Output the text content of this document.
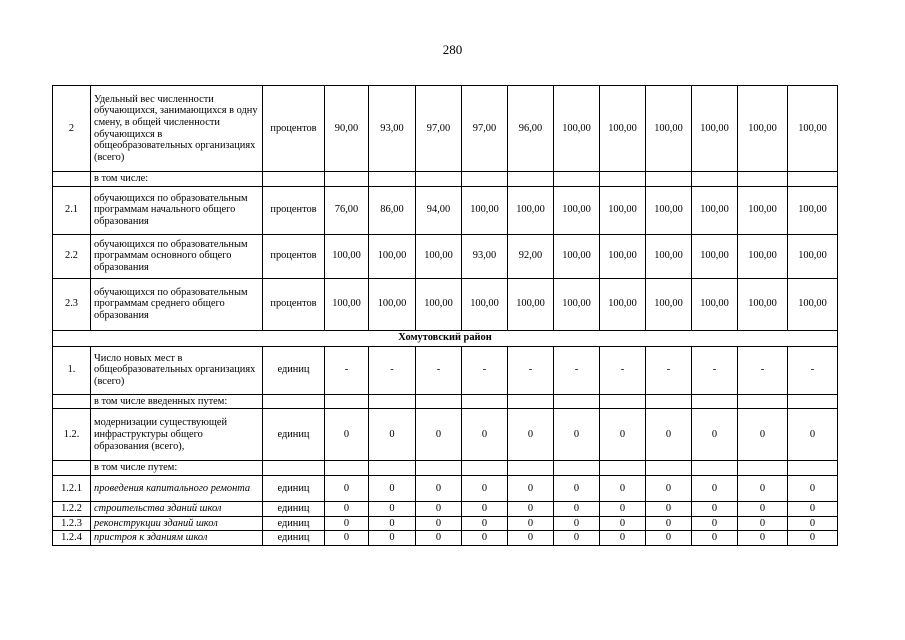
280
2	Удельный вес численности обучающихся, занимающихся в одну смену, в общей численности обучающихся в общеобразовательных организациях (всего)	процентов	90,00	93,00	97,00	97,00	96,00	100,00	100,00	100,00	100,00	100,00	100,00
	в том числе:												
2.1	обучающихся по образовательным программам начального общего образования	процентов	76,00	86,00	94,00	100,00	100,00	100,00	100,00	100,00	100,00	100,00	100,00
2.2	обучающихся по образовательным программам основного общего образования	процентов	100,00	100,00	100,00	93,00	92,00	100,00	100,00	100,00	100,00	100,00	100,00
2.3	обучающихся по образовательным программам среднего общего образования	процентов	100,00	100,00	100,00	100,00	100,00	100,00	100,00	100,00	100,00	100,00	100,00
Хомутовский район													
1.	Число новых мест в общеобразовательных организациях (всего)	единиц	-	-	-	-	-	-	-	-	-	-	-
	в том числе введенных путем:												
1.2.	модернизации существующей инфраструктуры общего образования (всего),	единиц	0	0	0	0	0	0	0	0	0	0	0
	в том числе путем:												
1.2.1	проведения капитального ремонта	единиц	0	0	0	0	0	0	0	0	0	0	0
1.2.2	строительства зданий школ	единиц	0	0	0	0	0	0	0	0	0	0	0
1.2.3	реконструкции зданий школ	единиц	0	0	0	0	0	0	0	0	0	0	0
1.2.4	пристроя к зданиям школ	единиц	0	0	0	0	0	0	0	0	0	0	0
